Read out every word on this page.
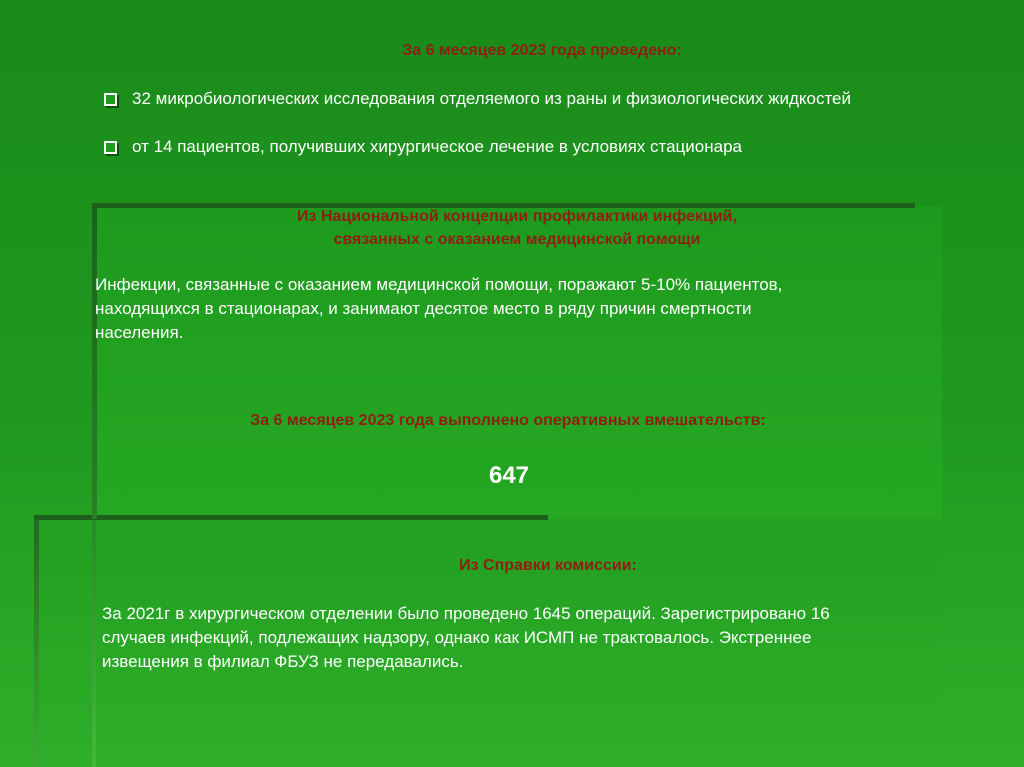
За 6 месяцев 2023 года проведено:
32 микробиологических исследования отделяемого из раны и физиологических жидкостей
от 14 пациентов, получивших хирургическое лечение в условиях стационара
Из Национальной концепции профилактики инфекций,
связанных с оказанием медицинской помощи
Инфекции, связанные с оказанием медицинской помощи, поражают 5-10% пациентов,
находящихся в стационарах, и занимают десятое место в ряду причин смертности
населения.
За 6 месяцев 2023 года выполнено оперативных вмешательств:
647
Из Справки комиссии:
За 2021г в хирургическом отделении было проведено 1645 операций. Зарегистрировано 16
случаев инфекций, подлежащих надзору, однако как ИСМП не трактовалось. Экстреннее
извещения в филиал ФБУЗ не передавались.
